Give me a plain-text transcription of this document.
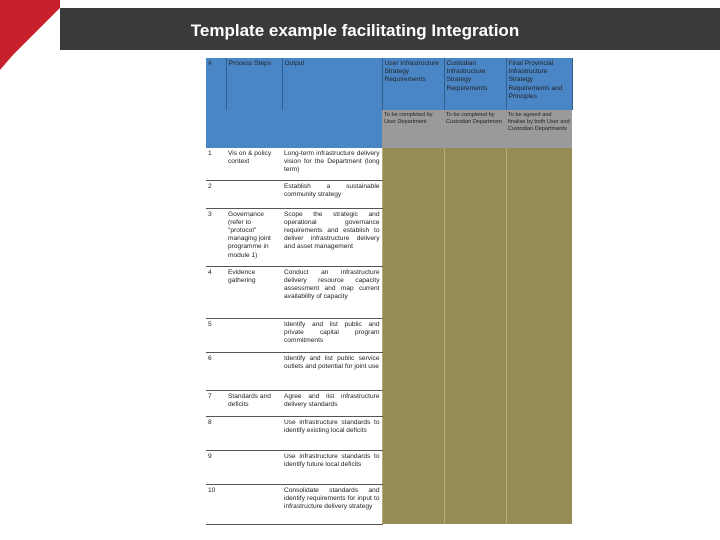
Template example facilitating Integration
#	Process Steps	Output	User Infrastructure Strategy Requirements	Custodian Infrastructure Strategy Requirements	Final Provincial Infrastructure Strategy Requirements and Principles
			To be completed by User Department	To be completed by Custodian Department	To be agreed and finalise by both User and Custodian Departments
1	Vis on & policy context	Long-term infrastructure delivery vision for the Department (long term)			
2		Establish a sustainable community strategy			
3	Governance (refer to "protocol" managing joint programme in module 1)	Scope the strategic and operational governance requirements and establish to deliver infrastructure delivery and asset management			
4	Evidence gathering	Conduct an infrastructure delivery resource capacity assessment and map current availability of capacity			
5		Identify and list public and private capital program commitments			
6		Identify and list public service outlets and potential for joint use			
7	Standards and deficits	Agree and list infrastructure delivery standards			
8		Use infrastructure standards to identify existing local deficits			
9		Use infrastructure standards to identify future local deficits			
10		Consolidate standards and identify requirements for input to infrastructure delivery strategy			
